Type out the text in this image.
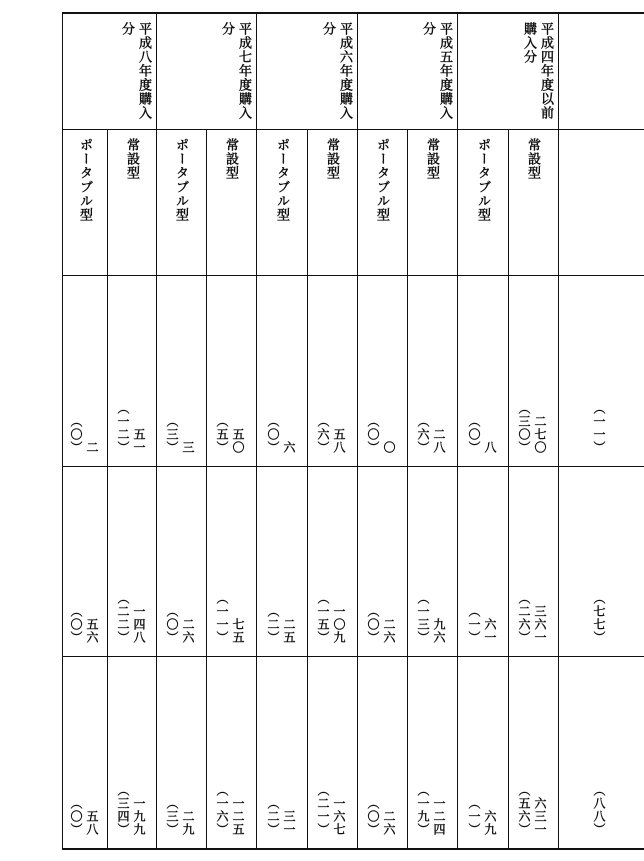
平成四年度以前
購入分
常設型
二七〇
（三〇）
三六一
（二六）
六三一
（五六）
ポータブル型
八
（〇）
六一
（一）
六九
（一）
平成五年度購入
分
常設型
二八
（六）
九六
（一三）
一二四
（一九）
ポータブル型
〇
（〇）
二六
（〇）
二六
（〇）
平成六年度購入
分
常設型
五八
（六）
一〇九
（一五）
一六七
（二一）
ポータブル型
六
（〇）
二五
（二）
三一
（二）
平成七年度購入
分
常設型
五〇
（五）
七五
（一一）
一二五
（一六）
ポータブル型
三
（三）
二六
（〇）
二九
（三）
平成八年度購入
分
常設型
五一
（一二）
一四八
（二二）
一九九
（三四）
ポータブル型
二
（〇）
五六
（〇）
五八
（〇）
（一一）
（七七）
（八八）
